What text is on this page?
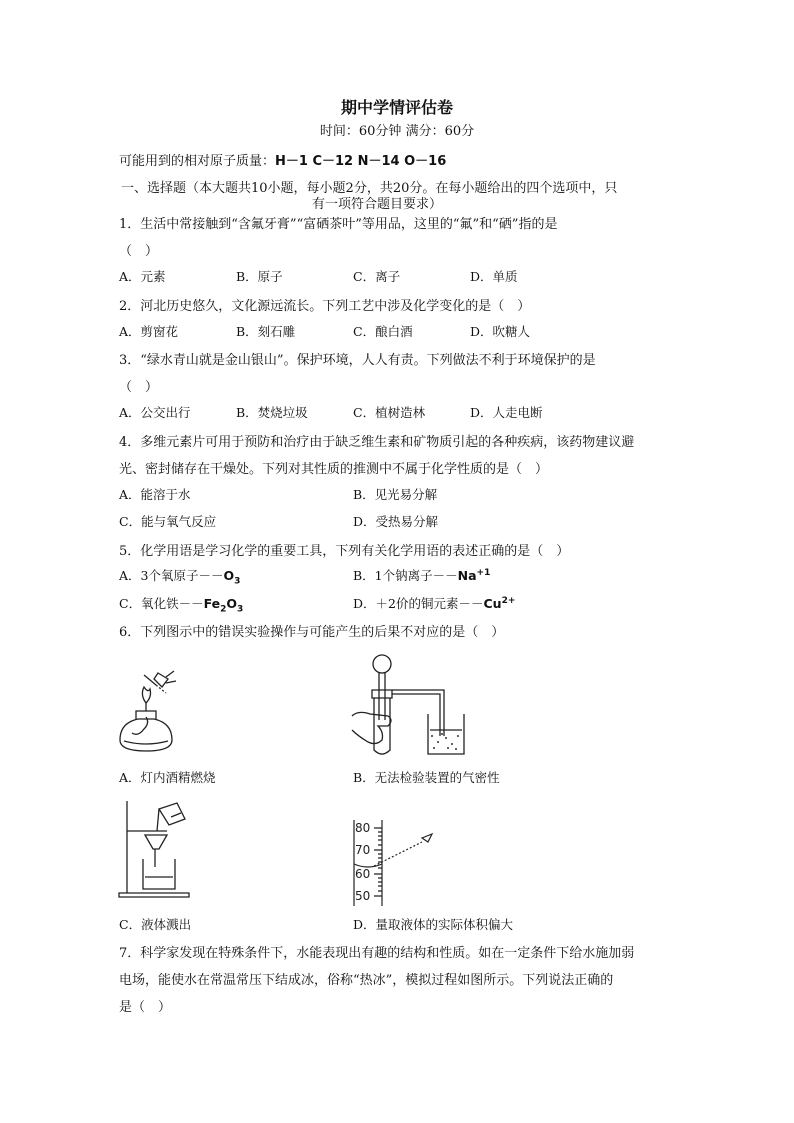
期中学情评估卷
时间：60分钟 满分：60分
可能用到的相对原子质量：H－1 C－12 N－14 O－16
一、选择题（本大题共10小题，每小题2分，共20分。在每小题给出的四个选项中，只
有一项符合题目要求）
1．生活中常接触到“含氟牙膏”“富硒茶叶”等用品，这里的“氟”和“硒”指的是
（　）
A．元素	B．原子	C．离子	D．单质
2．河北历史悠久，文化源远流长。下列工艺中涉及化学变化的是（　）
A．剪窗花	B．刻石雕	C．酿白酒	D．吹糖人
3．“绿水青山就是金山银山”。保护环境，人人有责。下列做法不利于环境保护的是
（　）
A．公交出行	B．焚烧垃圾	C．植树造林	D．人走电断
4．多维元素片可用于预防和治疗由于缺乏维生素和矿物质引起的各种疾病，该药物建议避
光、密封储存在干燥处。下列对其性质的推测中不属于化学性质的是（　）
A．能溶于水	B．见光易分解
C．能与氧气反应	D．受热易分解
5．化学用语是学习化学的重要工具，下列有关化学用语的表述正确的是（　）
A．3个氧原子$--O_3$	B．1个钠离子$--Na^{+1}$
C．氧化铁$--Fe_2O_3$	D．＋2价的铜元素$--Cu^{2+}$
6．下列图示中的错误实验操作与可能产生的后果不对应的是（　）
A．灯内酒精燃烧	B．无法检验装置的气密性
C．液体溅出
80
70
60
50
D．量取液体的实际体积偏大
7．科学家发现在特殊条件下，水能表现出有趣的结构和性质。如在一定条件下给水施加弱
电场，能使水在常温常压下结成冰，俗称“热冰”，模拟过程如图所示。下列说法正确的
是（　）
